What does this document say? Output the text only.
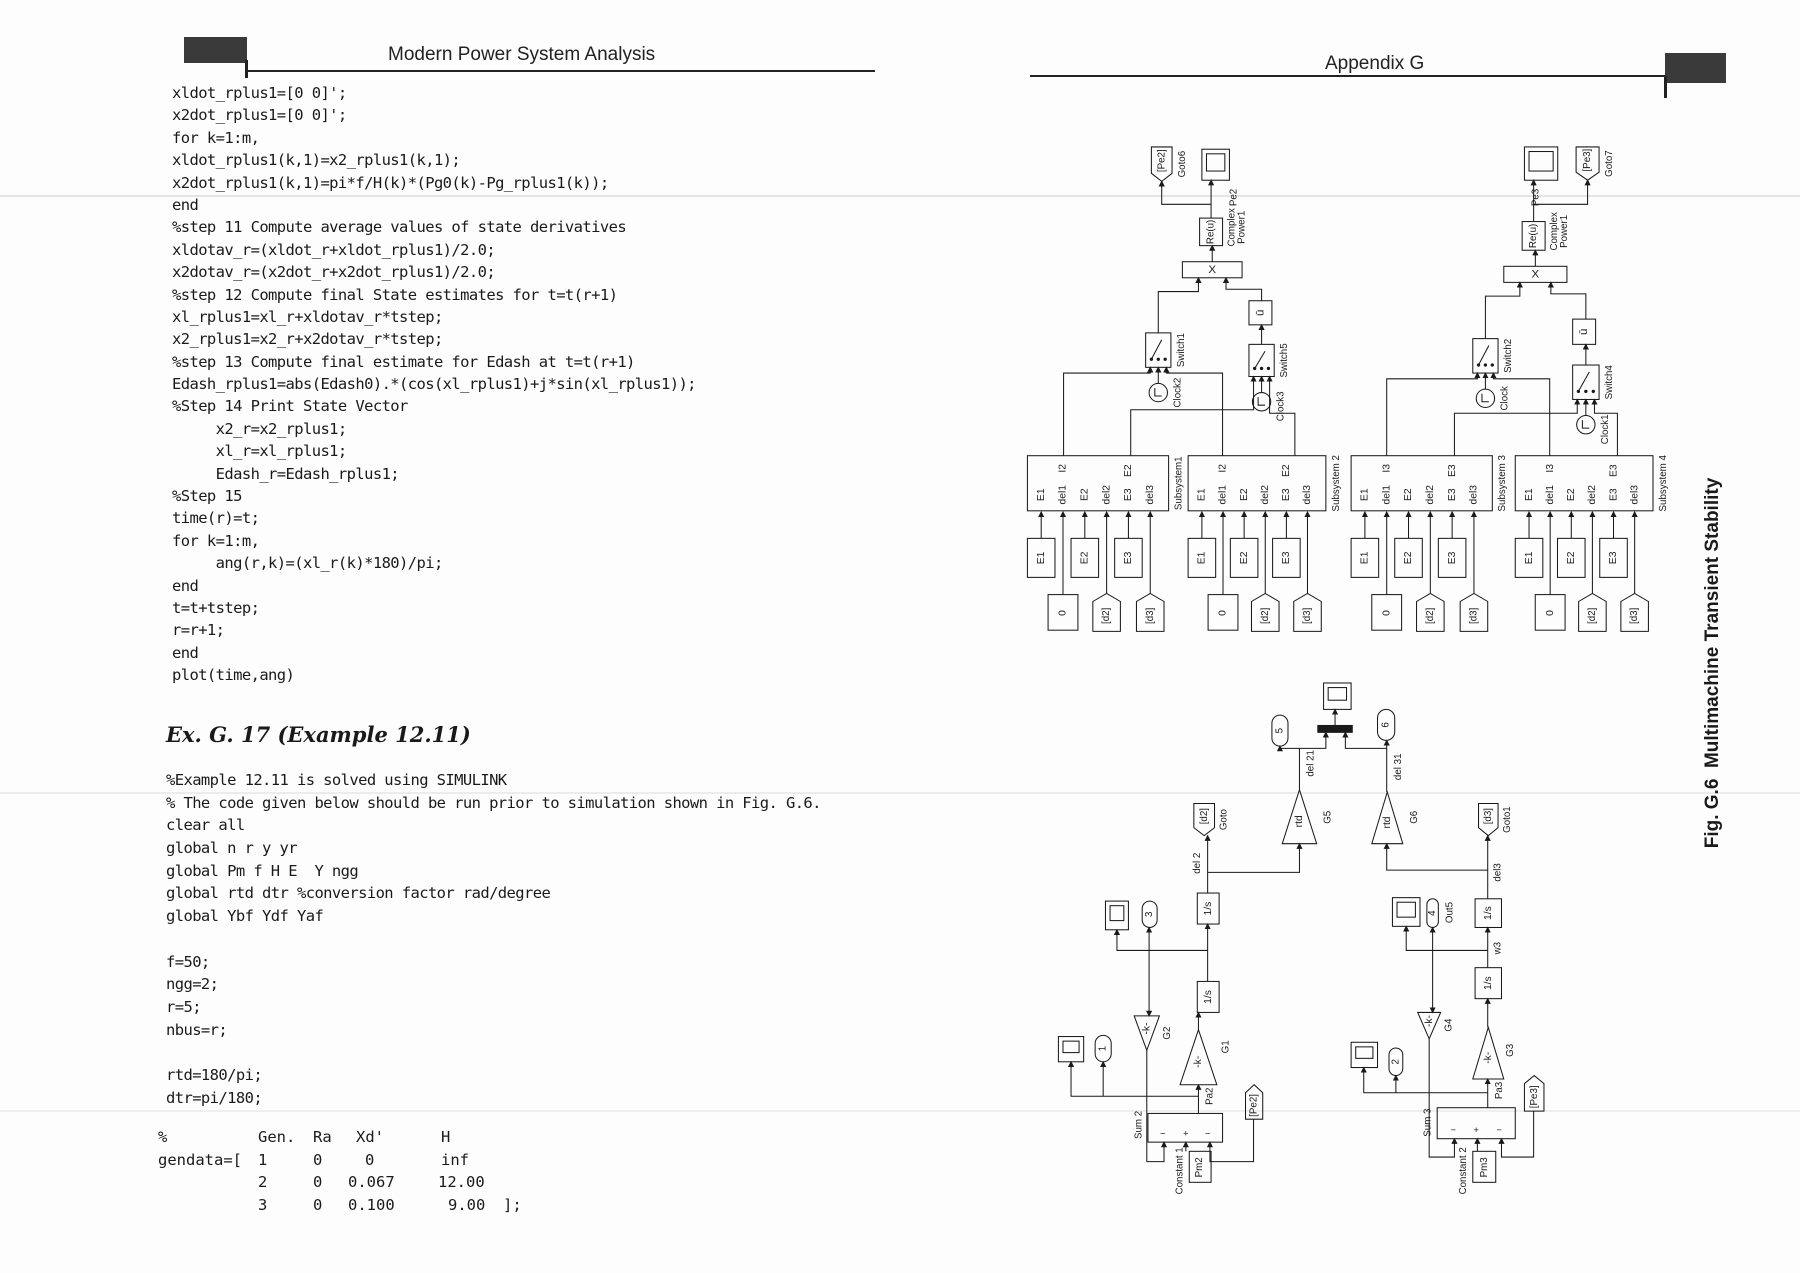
Modern Power System Analysis
xldot_rplus1=[0 0]';
x2dot_rplus1=[0 0]';
for k=1:m,
xldot_rplus1(k,1)=x2_rplus1(k,1);
x2dot_rplus1(k,1)=pi*f/H(k)*(Pg0(k)-Pg_rplus1(k));
end
%step 11 Compute average values of state derivatives
xldotav_r=(xldot_r+xldot_rplus1)/2.0;
x2dotav_r=(x2dot_r+x2dot_rplus1)/2.0;
%step 12 Compute final State estimates for t=t(r+1)
xl_rplus1=xl_r+xldotav_r*tstep;
x2_rplus1=x2_r+x2dotav_r*tstep;
%step 13 Compute final estimate for Edash at t=t(r+1)
Edash_rplus1=abs(Edash0).*(cos(xl_rplus1)+j*sin(xl_rplus1));
%Step 14 Print State Vector
x2_r=x2_rplus1;
xl_r=xl_rplus1;
Edash_r=Edash_rplus1;
%Step 15
time(r)=t;
for k=1:m,
ang(r,k)=(xl_r(k)*180)/pi;
end
t=t+tstep;
r=r+1;
end
plot(time,ang)
Ex. G. 17 (Example 12.11)
%Example 12.11 is solved using SIMULINK
% The code given below should be run prior to simulation shown in Fig. G.6.
clear all
global n r y yr
global Pm f H E  Y ngg
global rtd dtr %conversion factor rad/degree
global Ybf Ydf Yaf
f=50;
ngg=2;
r=5;
nbus=r;
rtd=180/pi;
dtr=pi/180;
%	Gen. Ra Xd'	H
gendata=[ 1	0	0	inf
2	0 0.067	12.00
3	0 0.100	9.00 ];
Appendix G
Fig. G.6  Multimachine Transient Stability
E1 del1 E2 del2 E3 del3
I2	E2	Subsystem1
E1
0
E2
[d2]
E3
[d3]
E1 del1 E2 del2 E3 del3
I2	E2	Subsystem 2
E1
0
E2
[d2]
E3
[d3]
E1 del1 E2 del2 E3 del3
I3	E3	Subsystem 3
E1
0
E2
[d2]
E3
[d3]
E1 del1 E2 del2 E3 del3
I3	E3	Subsystem 4
E1
0
E2
[d2]
E3
[d3]
Clock2
Switch1
Clock3
Switch5
ū
X
Re(u) Complex Power1
[Pe2]
Pe2
Goto6
Clock
Switch2
Clock1
Switch4
ū
X
Re(u) Complex Power1
[Pe3]
Pe3
Goto7
5
6
rtd G5	rtd G6
del 21	del 31
[d2] Goto	[d3] Goto1
1/s
1/s
del 2
-k-
G1
-k- G2
3
1
Sum 2 − + −
Pa2
Pm2
Constant 1
[Pe2]
1/s
1/s
del3
w3
-k-
G3
-k- G4
4 Out5
2
Sum 3 − + −
Pa3
Pm3
Constant 2
[Pe3]
